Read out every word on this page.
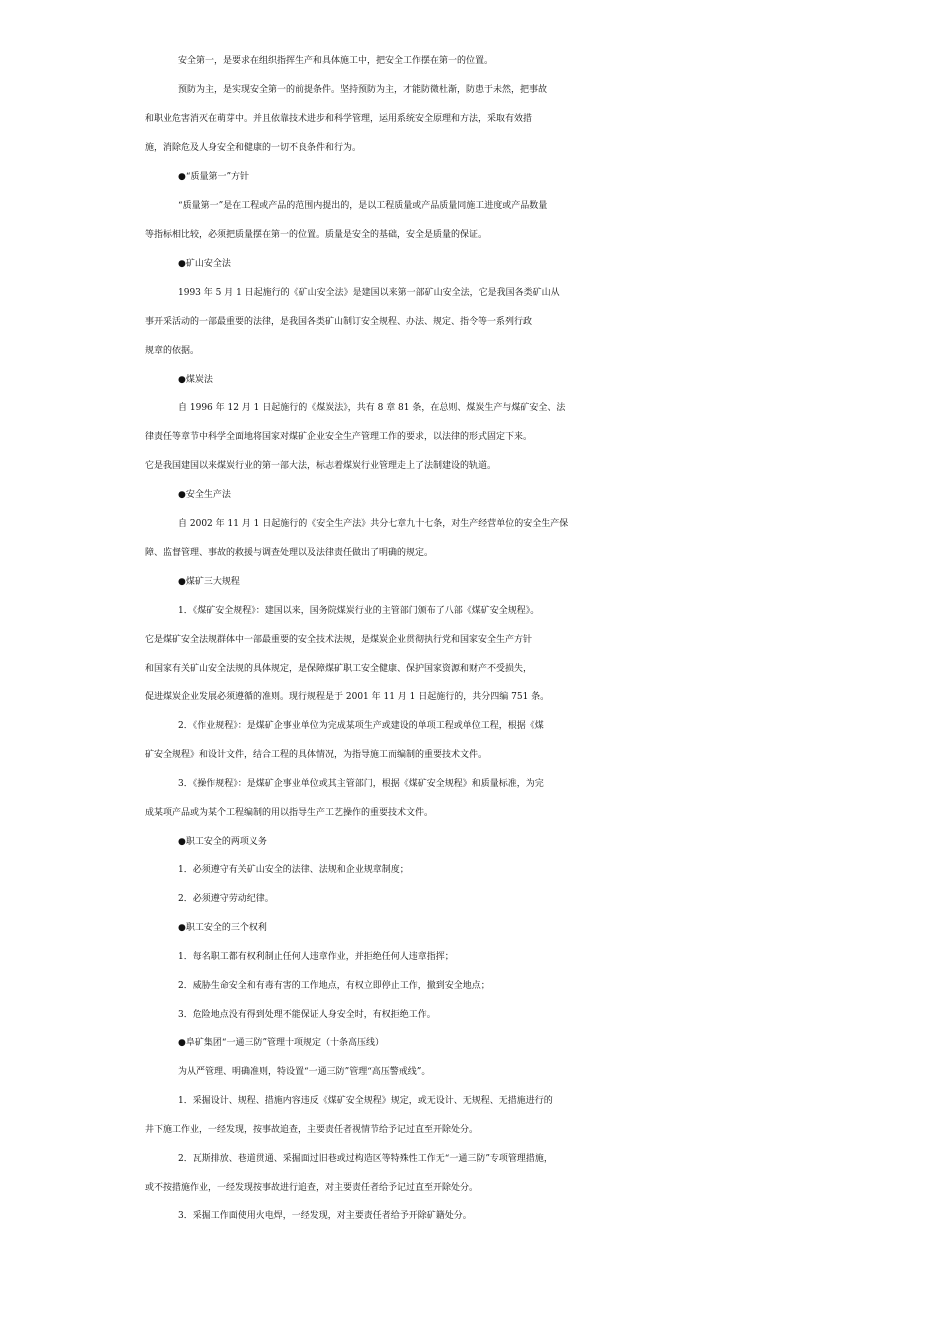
安全第一，是要求在组织指挥生产和具体施工中，把安全工作摆在第一的位置。

预防为主，是实现安全第一的前提条件。坚持预防为主，才能防微杜渐，防患于未然，把事故

和职业危害消灭在萌芽中。并且依靠技术进步和科学管理，运用系统安全原理和方法，采取有效措

施，消除危及人身安全和健康的一切不良条件和行为。

●“质量第一”方针

“质量第一”是在工程或产品的范围内提出的，是以工程质量或产品质量同施工进度或产品数量

等指标相比较，必须把质量摆在第一的位置。质量是安全的基础，安全是质量的保证。

●矿山安全法

1993 年 5 月 1 日起施行的《矿山安全法》是建国以来第一部矿山安全法，它是我国各类矿山从

事开采活动的一部最重要的法律，是我国各类矿山制订安全规程、办法、规定、指令等一系列行政

规章的依据。

●煤炭法

自 1996 年 12 月 1 日起施行的《煤炭法》，共有 8 章 81 条，在总则、煤炭生产与煤矿安全、法

律责任等章节中科学全面地将国家对煤矿企业安全生产管理工作的要求，以法律的形式固定下来。

它是我国建国以来煤炭行业的第一部大法，标志着煤炭行业管理走上了法制建设的轨道。

●安全生产法

自 2002 年 11 月 1 日起施行的《安全生产法》共分七章九十七条，对生产经营单位的安全生产保

障、监督管理、事故的救援与调查处理以及法律责任做出了明确的规定。

●煤矿三大规程

1．《煤矿安全规程》：建国以来，国务院煤炭行业的主管部门颁布了八部《煤矿安全规程》。

它是煤矿安全法规群体中一部最重要的安全技术法规，是煤炭企业贯彻执行党和国家安全生产方针

和国家有关矿山安全法规的具体规定，是保障煤矿职工安全健康、保护国家资源和财产不受损失，

促进煤炭企业发展必须遵循的准则。现行规程是于 2001 年 11 月 1 日起施行的，共分四编 751 条。

2．《作业规程》：是煤矿企事业单位为完成某项生产或建设的单项工程或单位工程，根据《煤

矿安全规程》和设计文件，结合工程的具体情况，为指导施工而编制的重要技术文件。

3．《操作规程》：是煤矿企事业单位或其主管部门，根据《煤矿安全规程》和质量标准，为完

成某项产品或为某个工程编制的用以指导生产工艺操作的重要技术文件。

●职工安全的两项义务

1．必须遵守有关矿山安全的法律、法规和企业规章制度；

2．必须遵守劳动纪律。

●职工安全的三个权利

1．每名职工都有权利制止任何人违章作业，并拒绝任何人违章指挥；

2．威胁生命安全和有毒有害的工作地点，有权立即停止工作，撤到安全地点；

3．危险地点没有得到处理不能保证人身安全时，有权拒绝工作。

●阜矿集团“一通三防”管理十项规定（十条高压线）

为从严管理、明确准则，特设置“一通三防”管理“高压警戒线”。

1．采掘设计、规程、措施内容违反《煤矿安全规程》规定，或无设计、无规程、无措施进行的

井下施工作业，一经发现，按事故追查，主要责任者视情节给予记过直至开除处分。

2．瓦斯排放、巷道贯通、采掘面过旧巷或过构造区等特殊性工作无“一通三防”专项管理措施，

或不按措施作业，一经发现按事故进行追查，对主要责任者给予记过直至开除处分。

3．采掘工作面使用火电焊，一经发现，对主要责任者给予开除矿籍处分。
